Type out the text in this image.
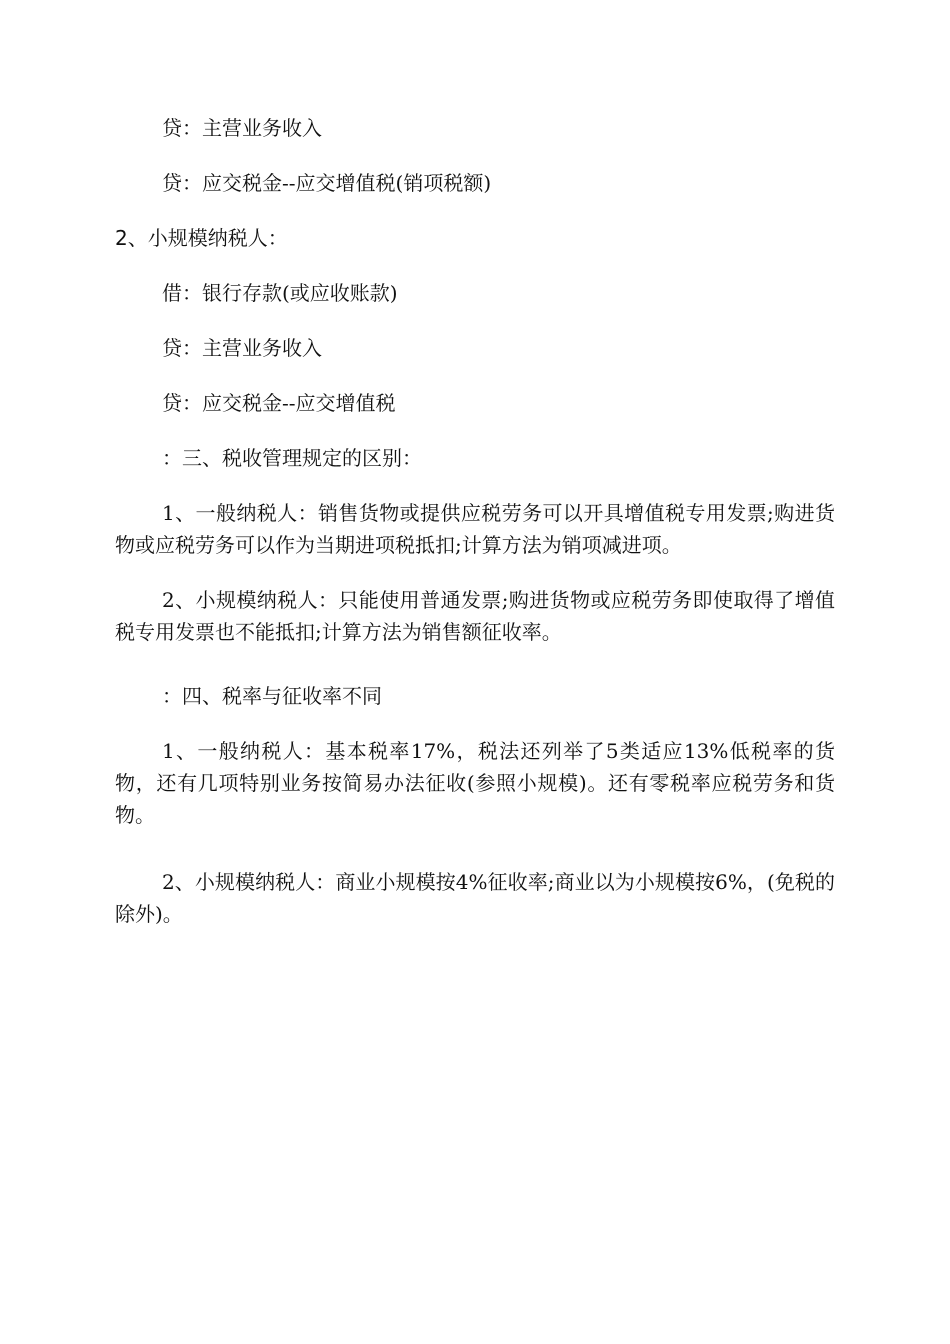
贷：主营业务收入
贷：应交税金--应交增值税(销项税额)
2、小规模纳税人：
借：银行存款(或应收账款)
贷：主营业务收入
贷：应交税金--应交增值税
：三、税收管理规定的区别：
1、一般纳税人：销售货物或提供应税劳务可以开具增值税专用发票;购进货物或应税劳务可以作为当期进项税抵扣;计算方法为销项减进项。
2、小规模纳税人：只能使用普通发票;购进货物或应税劳务即使取得了增值税专用发票也不能抵扣;计算方法为销售额征收率。
：四、税率与征收率不同
1、一般纳税人：基本税率17%，税法还列举了5类适应13%低税率的货物，还有几项特别业务按简易办法征收(参照小规模)。还有零税率应税劳务和货物。
2、小规模纳税人：商业小规模按4%征收率;商业以为小规模按6%，(免税的除外)。
